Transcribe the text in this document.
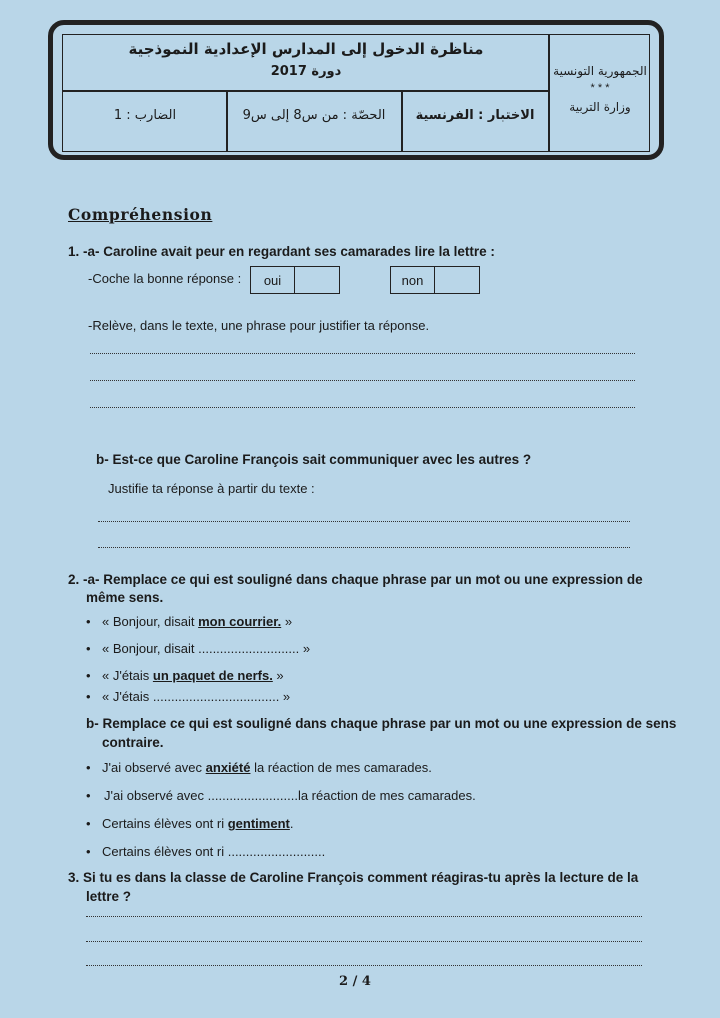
مناظرة الدخول إلى المدارس الإعدادية النموذجية
دورة 2017	الجمهورية التونسية
* * *
وزارة التربية
الاختبار : الفرنسية
الحصّة : من س8 إلى س9
الضارب : 1
Compréhension
1. -a- Caroline avait peur en regardant ses camarades lire la lettre :
-Coche la bonne réponse :	oui	non
-Relève, dans le texte, une phrase pour justifier ta réponse.
b- Est-ce que Caroline François sait communiquer avec les autres ?
Justifie ta réponse à partir du texte :
2. -a- Remplace ce qui est souligné dans chaque phrase par un mot ou une expression de
même sens.
• « Bonjour, disait mon courrier. »
• « Bonjour, disait ............................ »
• « J'étais un paquet de nerfs. »
• « J'étais ................................... »
b- Remplace ce qui est souligné dans chaque phrase par un mot ou une expression de sens
contraire.
• J'ai observé avec anxiété la réaction de mes camarades.
• J'ai observé avec .........................la réaction de mes camarades.
• Certains élèves ont ri gentiment.
• Certains élèves ont ri ...........................
3. Si tu es dans la classe de Caroline François comment réagiras-tu après la lecture de la
lettre ?
2 / 4
